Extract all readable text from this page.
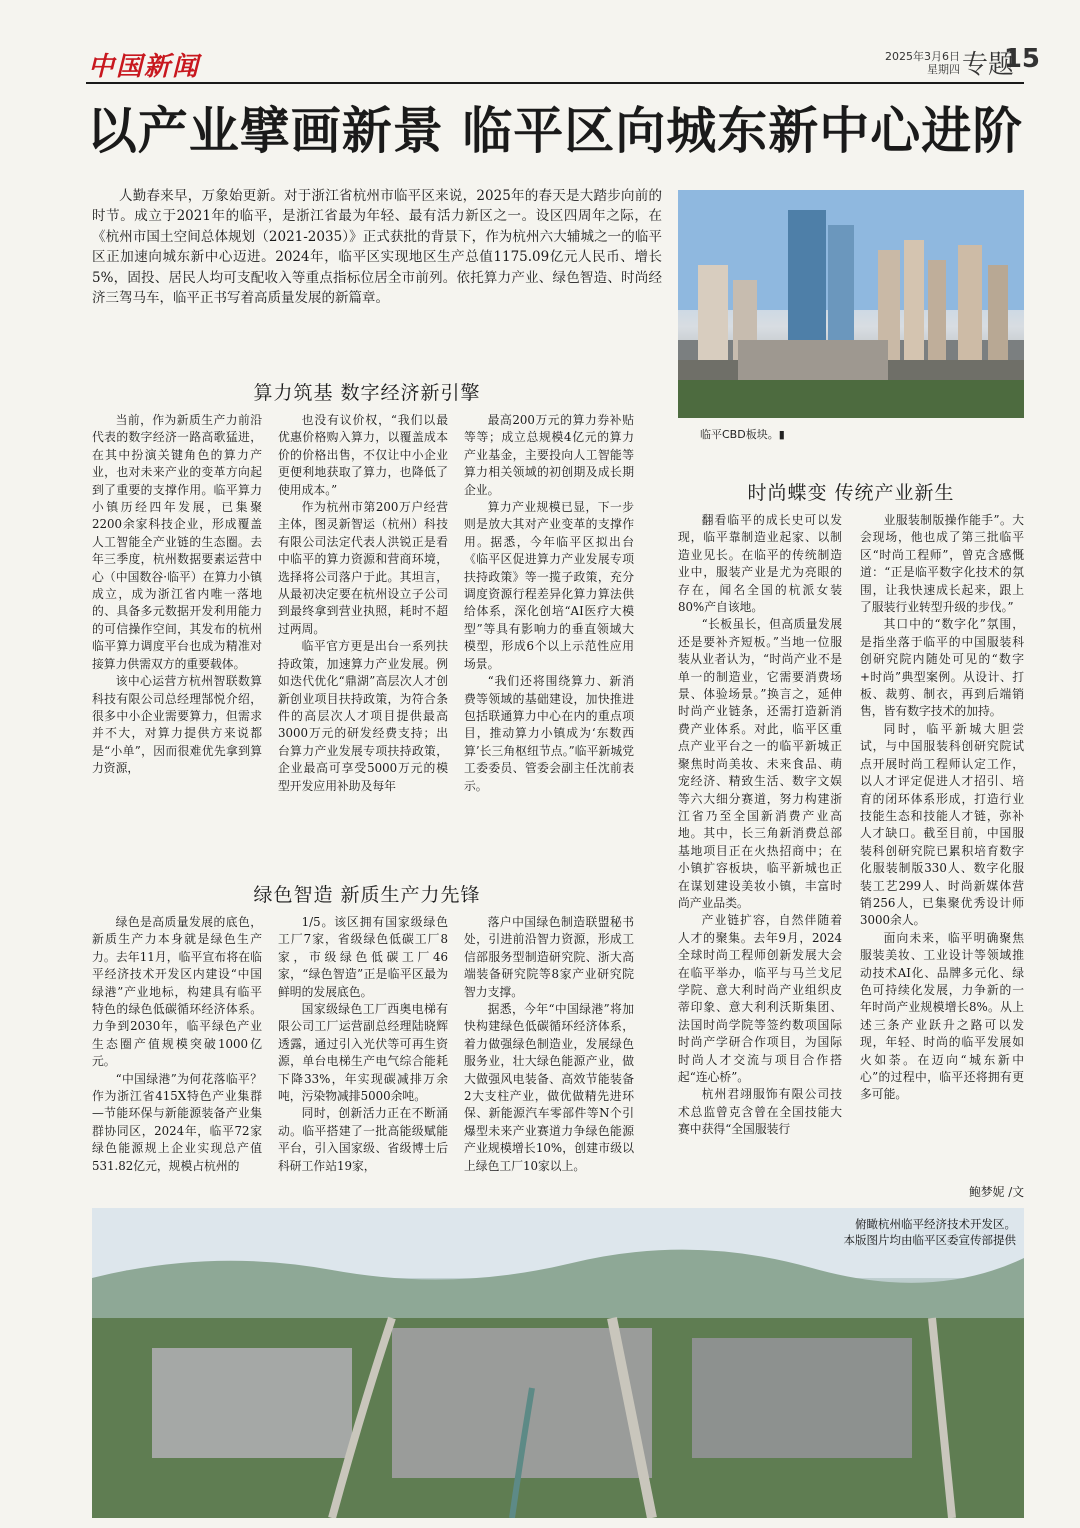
中国新闻	2025年3月6日
星期四 专题
15
以产业擘画新景 临平区向城东新中心进阶
人勤春来早，万象始更新。对于浙江省杭州市临平区来说，2025年的春天是大踏步向前的时节。成立于2021年的临平，是浙江省最为年轻、最有活力新区之一。设区四周年之际，在《杭州市国土空间总体规划（2021-2035）》正式获批的背景下，作为杭州六大辅城之一的临平区正加速向城东新中心迈进。2024年，临平区实现地区生产总值1175.09亿元人民币、增长5%，固投、居民人均可支配收入等重点指标位居全市前列。依托算力产业、绿色智造、时尚经济三驾马车，临平正书写着高质量发展的新篇章。
临平CBD板块。▮
算力筑基 数字经济新引擎

当前，作为新质生产力前沿代表的数字经济一路高歌猛进，在其中扮演关键角色的算力产业，也对未来产业的变革方向起到了重要的支撑作用。临平算力小镇历经四年发展，已集聚2200余家科技企业，形成覆盖人工智能全产业链的生态圈。去年三季度，杭州数据要素运营中心（中国数谷·临平）在算力小镇成立，成为浙江省内唯一落地的、具备多元数据开发利用能力的可信操作空间，其发布的杭州临平算力调度平台也成为精准对接算力供需双方的重要载体。

该中心运营方杭州智联数算科技有限公司总经理郜悦介绍，很多中小企业需要算力，但需求并不大，对算力提供方来说都是“小单”，因而很难优先拿到算力资源，

也没有议价权，“我们以最优惠价格购入算力，以覆盖成本价的价格出售，不仅让中小企业更便利地获取了算力，也降低了使用成本。”

作为杭州市第200万户经营主体，图灵新智运（杭州）科技有限公司法定代表人洪锐正是看中临平的算力资源和营商环境，选择将公司落户于此。其坦言，从最初决定要在杭州设立子公司到最终拿到营业执照，耗时不超过两周。

临平官方更是出台一系列扶持政策，加速算力产业发展。例如迭代优化“鼎湖”高层次人才创新创业项目扶持政策，为符合条件的高层次人才项目提供最高3000万元的研发经费支持；出台算力产业发展专项扶持政策，企业最高可享受5000万元的模型开发应用补助及每年

最高200万元的算力券补贴等等；成立总规模4亿元的算力产业基金，主要投向人工智能等算力相关领域的初创期及成长期企业。

算力产业规模已显，下一步则是放大其对产业变革的支撑作用。据悉，今年临平区拟出台《临平区促进算力产业发展专项扶持政策》等一揽子政策，充分调度资源行程差异化算力算法供给体系，深化创培“AI医疗大模型”等具有影响力的垂直领域大模型，形成6个以上示范性应用场景。

“我们还将围绕算力、新消费等领域的基础建设，加快推进包括联通算力中心在内的重点项目，推动算力小镇成为‘东数西算’长三角枢纽节点。”临平新城党工委委员、管委会副主任沈前表示。

绿色智造 新质生产力先锋

绿色是高质量发展的底色，新质生产力本身就是绿色生产力。去年11月，临平宣布将在临平经济技术开发区内建设“中国绿港”产业地标，构建具有临平特色的绿色低碳循环经济体系。力争到2030年，临平绿色产业生态圈产值规模突破1000亿元。

“中国绿港”为何花落临平？作为浙江省415X特色产业集群—节能环保与新能源装备产业集群协同区，2024年，临平72家绿色能源规上企业实现总产值531.82亿元，规模占杭州的

1/5。该区拥有国家级绿色工厂7家，省级绿色低碳工厂8家，市级绿色低碳工厂46家，“绿色智造”正是临平区最为鲜明的发展底色。

国家级绿色工厂西奥电梯有限公司工厂运营副总经理陆晓辉透露，通过引入光伏等可再生资源，单台电梯生产电气综合能耗下降33%，年实现碳减排万余吨，污染物减排5000余吨。

同时，创新活力正在不断涌动。临平搭建了一批高能级赋能平台，引入国家级、省级博士后科研工作站19家，

落户中国绿色制造联盟秘书处，引进前沿智力资源，形成工信部服务型制造研究院、浙大高端装备研究院等8家产业研究院智力支撑。

据悉，今年“中国绿港”将加快构建绿色低碳循环经济体系，着力做强绿色制造业，发展绿色服务业，壮大绿色能源产业，做大做强风电装备、高效节能装备2大支柱产业，做优做精先进环保、新能源汽车零部件等N个引爆型未来产业赛道力争绿色能源产业规模增长10%，创建市级以上绿色工厂10家以上。

时尚蝶变 传统产业新生

翻看临平的成长史可以发现，临平靠制造业起家、以制造业见长。在临平的传统制造业中，服装产业是尤为亮眼的存在，闻名全国的杭派女装80%产自该地。

“长板虽长，但高质量发展还是要补齐短板。”当地一位服装从业者认为，“时尚产业不是单一的制造业，它需要消费场景、体验场景。”换言之，延伸时尚产业链条，还需打造新消费产业体系。对此，临平区重点产业平台之一的临平新城正聚焦时尚美妆、未来食品、萌宠经济、精致生活、数字文娱等六大细分赛道，努力构建浙江省乃至全国新消费产业高地。其中，长三角新消费总部基地项目正在火热招商中；在小镇扩容板块，临平新城也正在谋划建设美妆小镇，丰富时尚产业品类。

产业链扩容，自然伴随着人才的聚集。去年9月，2024全球时尚工程师创新发展大会在临平举办，临平与马兰戈尼学院、意大利时尚产业组织皮蒂印象、意大利利沃斯集团、法国时尚学院等签约数项国际时尚产学研合作项目，为国际时尚人才交流与项目合作搭起“连心桥”。

杭州君翊服饰有限公司技术总监曾克含曾在全国技能大赛中获得“全国服装行

业服装制版操作能手”。大会现场，他也成了第三批临平区“时尚工程师”，曾克含感慨道：“正是临平数字化技术的氛围，让我快速成长起来，跟上了服装行业转型升级的步伐。”

其口中的“数字化”氛围，是指坐落于临平的中国服装科创研究院内随处可见的“数字+时尚”典型案例。从设计、打板、裁剪、制衣，再到后端销售，皆有数字技术的加持。

同时，临平新城大胆尝试，与中国服装科创研究院试点开展时尚工程师认定工作，以人才评定促进人才招引、培育的闭环体系形成，打造行业技能生态和技能人才链，弥补人才缺口。截至目前，中国服装科创研究院已累积培育数字化服装制版330人、数字化服装工艺299人、时尚新媒体营销256人，已集聚优秀设计师3000余人。

面向未来，临平明确聚焦服装美妆、工业设计等领域推动技术AI化、品牌多元化、绿色可持续化发展，力争新的一年时尚产业规模增长8%。从上述三条产业跃升之路可以发现，年轻、时尚的临平发展如火如荼。在迈向“城东新中心”的过程中，临平还将拥有更多可能。

鲍梦妮 /文
俯瞰杭州临平经济技术开发区。
本版图片均由临平区委宣传部提供
